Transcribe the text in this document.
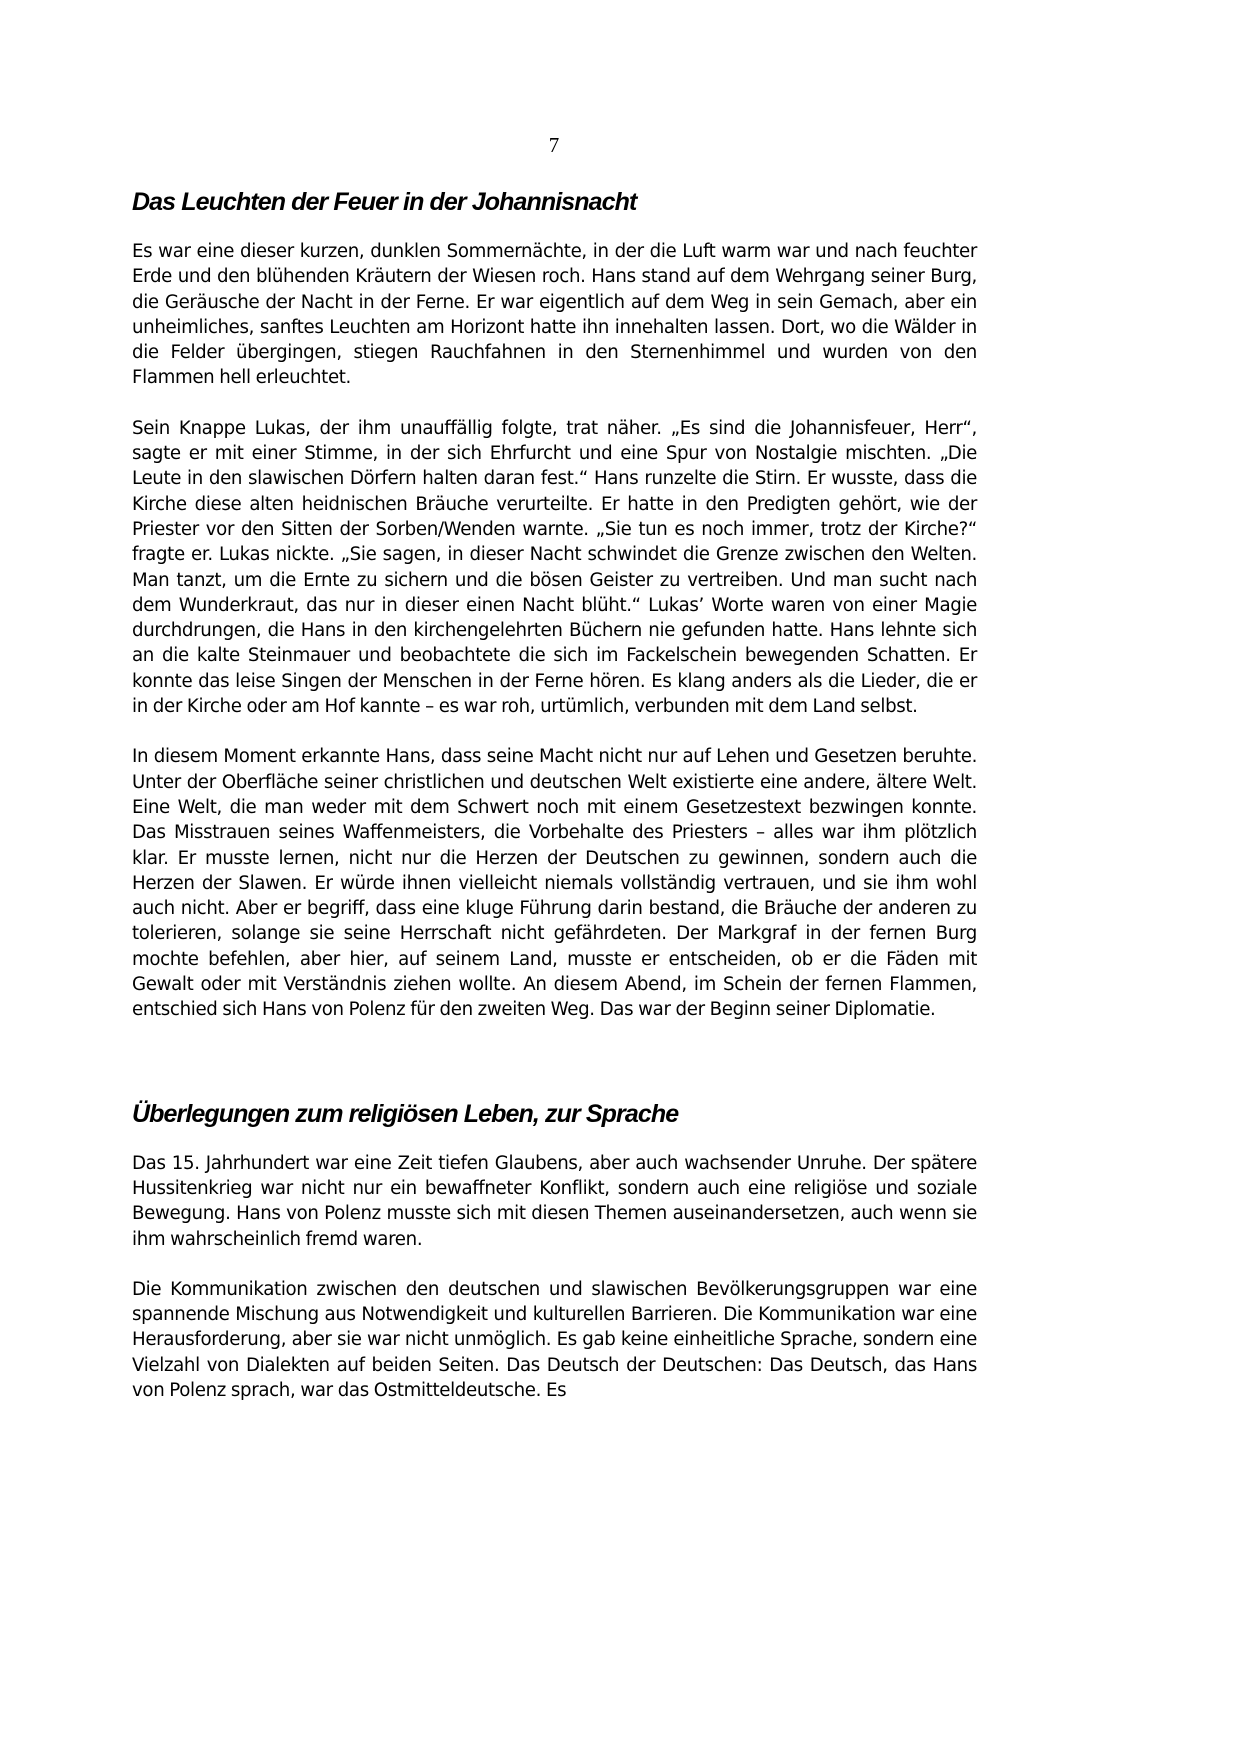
7
Das Leuchten der Feuer in der Johannisnacht

Es war eine dieser kurzen, dunklen Sommernächte, in der die Luft warm war und nach feuchter Erde und den blühenden Kräutern der Wiesen roch. Hans stand auf dem Wehrgang seiner Burg, die Geräusche der Nacht in der Ferne. Er war eigentlich auf dem Weg in sein Gemach, aber ein unheimliches, sanftes Leuchten am Horizont hatte ihn innehalten lassen. Dort, wo die Wälder in die Felder übergingen, stiegen Rauchfahnen in den Sternenhimmel und wurden von den Flammen hell erleuchtet.

Sein Knappe Lukas, der ihm unauffällig folgte, trat näher. „Es sind die Johannisfeuer, Herr“, sagte er mit einer Stimme, in der sich Ehrfurcht und eine Spur von Nostalgie mischten. „Die Leute in den slawischen Dörfern halten daran fest.“ Hans runzelte die Stirn. Er wusste, dass die Kirche diese alten heidnischen Bräuche verurteilte. Er hatte in den Predigten gehört, wie der Priester vor den Sitten der Sorben/Wenden warnte. „Sie tun es noch immer, trotz der Kirche?“ fragte er. Lukas nickte. „Sie sagen, in dieser Nacht schwindet die Grenze zwischen den Welten. Man tanzt, um die Ernte zu sichern und die bösen Geister zu vertreiben. Und man sucht nach dem Wunderkraut, das nur in dieser einen Nacht blüht.“ Lukas’ Worte waren von einer Magie durchdrungen, die Hans in den kirchengelehrten Büchern nie gefunden hatte. Hans lehnte sich an die kalte Steinmauer und beobachtete die sich im Fackelschein bewegenden Schatten. Er konnte das leise Singen der Menschen in der Ferne hören. Es klang anders als die Lieder, die er in der Kirche oder am Hof kannte – es war roh, urtümlich, verbunden mit dem Land selbst.

In diesem Moment erkannte Hans, dass seine Macht nicht nur auf Lehen und Gesetzen beruhte. Unter der Oberfläche seiner christlichen und deutschen Welt existierte eine andere, ältere Welt. Eine Welt, die man weder mit dem Schwert noch mit einem Gesetzestext bezwingen konnte. Das Misstrauen seines Waffenmeisters, die Vorbehalte des Priesters – alles war ihm plötzlich klar. Er musste lernen, nicht nur die Herzen der Deutschen zu gewinnen, sondern auch die Herzen der Slawen. Er würde ihnen vielleicht niemals vollständig vertrauen, und sie ihm wohl auch nicht. Aber er begriff, dass eine kluge Führung darin bestand, die Bräuche der anderen zu tolerieren, solange sie seine Herrschaft nicht gefährdeten. Der Markgraf in der fernen Burg mochte befehlen, aber hier, auf seinem Land, musste er entscheiden, ob er die Fäden mit Gewalt oder mit Verständnis ziehen wollte. An diesem Abend, im Schein der fernen Flammen, entschied sich Hans von Polenz für den zweiten Weg. Das war der Beginn seiner Diplomatie.

Überlegungen zum religiösen Leben, zur Sprache

Das 15. Jahrhundert war eine Zeit tiefen Glaubens, aber auch wachsender Unruhe. Der spätere Hussitenkrieg war nicht nur ein bewaffneter Konflikt, sondern auch eine religiöse und soziale Bewegung. Hans von Polenz musste sich mit diesen Themen auseinandersetzen, auch wenn sie ihm wahrscheinlich fremd waren.

Die Kommunikation zwischen den deutschen und slawischen Bevölkerungsgruppen war eine spannende Mischung aus Notwendigkeit und kulturellen Barrieren. Die Kommunikation war eine Herausforderung, aber sie war nicht unmöglich. Es gab keine einheitliche Sprache, sondern eine Vielzahl von Dialekten auf beiden Seiten. Das Deutsch der Deutschen: Das Deutsch, das Hans von Polenz sprach, war das Ostmitteldeutsche. Es
